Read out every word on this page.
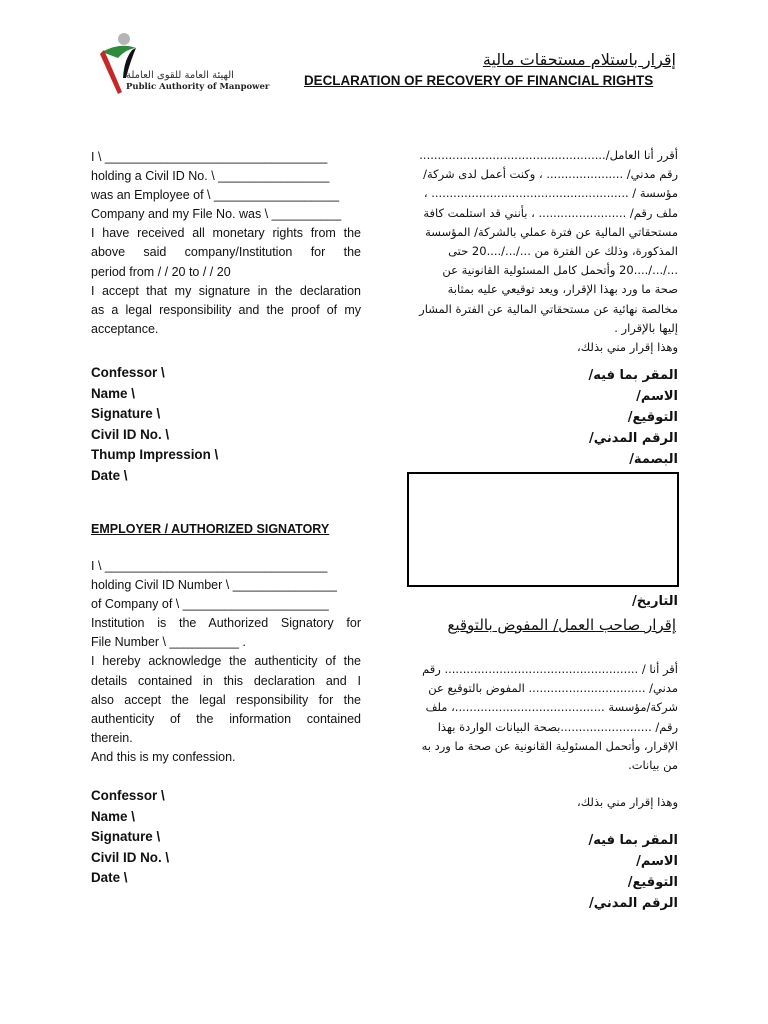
الهيئة العامة للقوى العاملة
Public Authority of Manpower
إقرار باستلام مستحقات مالية
DECLARATION OF RECOVERY OF FINANCIAL RIGHTS
I \ ________________________________
holding a Civil ID No. \ ________________
was an Employee of \ __________________
Company and my File No. was \ __________
I have received all monetary rights from the
above said company/Institution for the
period from / / 20 to / / 20
I accept that my signature in the declaration
as a legal responsibility and the proof of my
acceptance.
Confessor \
Name \
Signature \
Civil ID No. \
Thump Impression \
Date \
EMPLOYER / AUTHORIZED SIGNATORY
I \ ________________________________
holding Civil ID Number \ _______________
of Company of \ _____________________
Institution is the Authorized Signatory for
File Number \ __________ .
I hereby acknowledge the authenticity of the
details contained in this declaration and I
also accept the legal responsibility for the
authenticity of the information contained
therein.
And this is my confession.
Confessor \
Name \
Signature \
Civil ID No. \
Date \
أقرر أنا العامل/...................................................
رقم مدني/ ..................... ، وكنت أعمل لدى شركة/
مؤسسة / ...................................................... ،
ملف رقم/ ........................ ، بأنني قد استلمت كافة
مستحقاتي المالية عن فترة عملي بالشركة/ المؤسسة
المذكورة، وذلك عن الفترة من .../.../....20 حتى
.../.../....20 وأتحمل كامل المسئولية القانونية عن
صحة ما ورد بهذا الإقرار، ويعد توقيعي عليه بمثابة
مخالصة نهائية عن مستحقاتي المالية عن الفترة المشار
إليها بالإقرار .
وهذا إقرار مني بذلك،
المقر بما فيه/
الاسم/
التوقيع/
الرقم المدني/
البصمة/
التاريخ/
إقرار صاحب العمل/ المفوض بالتوقيع
أقر أنا / ..................................................... رقم
مدني/ ................................ المفوض بالتوقيع عن
شركة/مؤسسة .........................................، ملف
رقم/ .........................بصحة البيانات الواردة بهذا
الإقرار، وأتحمل المسئولية القانونية عن صحة ما ورد به
من بيانات.
وهذا إقرار مني بذلك،
المقر بما فيه/
الاسم/
التوقيع/
الرقم المدني/
